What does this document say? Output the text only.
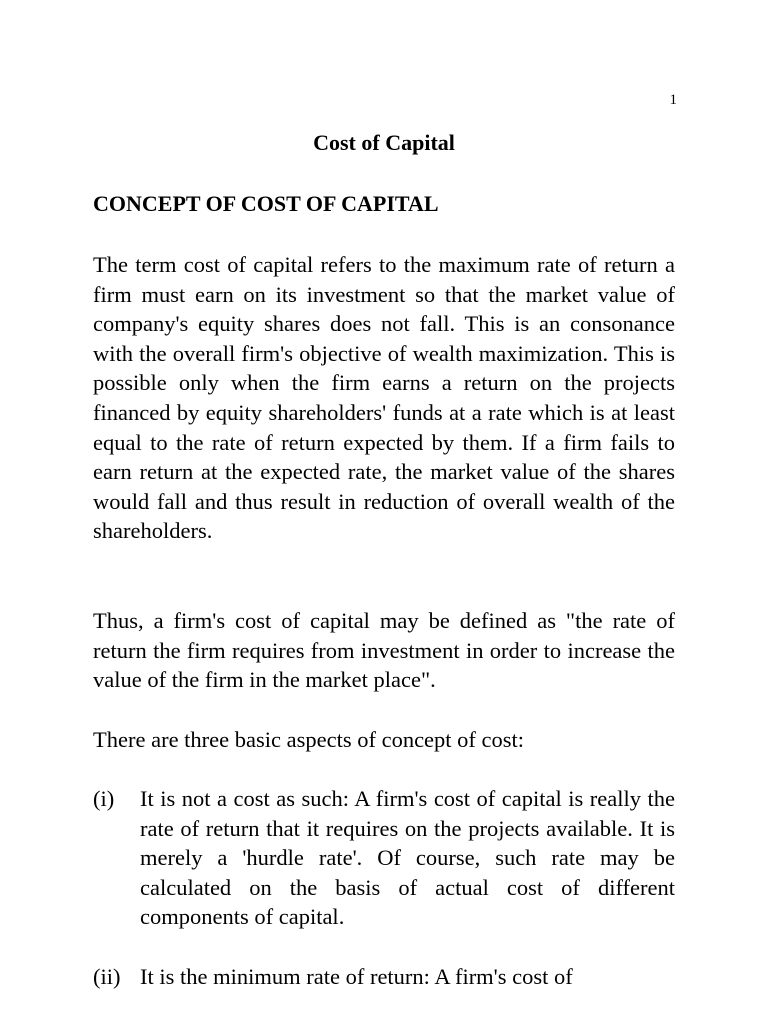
1
Cost of Capital
CONCEPT OF COST OF CAPITAL

The term cost of capital refers to the maximum rate of return a firm must earn on its investment so that the market value of company's equity shares does not fall. This is an consonance with the overall firm's objective of wealth maximization. This is possible only when the firm earns a return on the projects financed by equity shareholders' funds at a rate which is at least equal to the rate of return expected by them. If a firm fails to earn return at the expected rate, the market value of the shares would fall and thus result in reduction of overall wealth of the shareholders.

Thus, a firm's cost of capital may be defined as "the rate of return the firm requires from investment in order to increase the value of the firm in the market place".

There are three basic aspects of concept of cost:

(i) It is not a cost as such: A firm's cost of capital is really the rate of return that it requires on the projects available. It is merely a 'hurdle rate'. Of course, such rate may be calculated on the basis of actual cost of different components of capital.

(ii) It is the minimum rate of return: A firm's cost of
